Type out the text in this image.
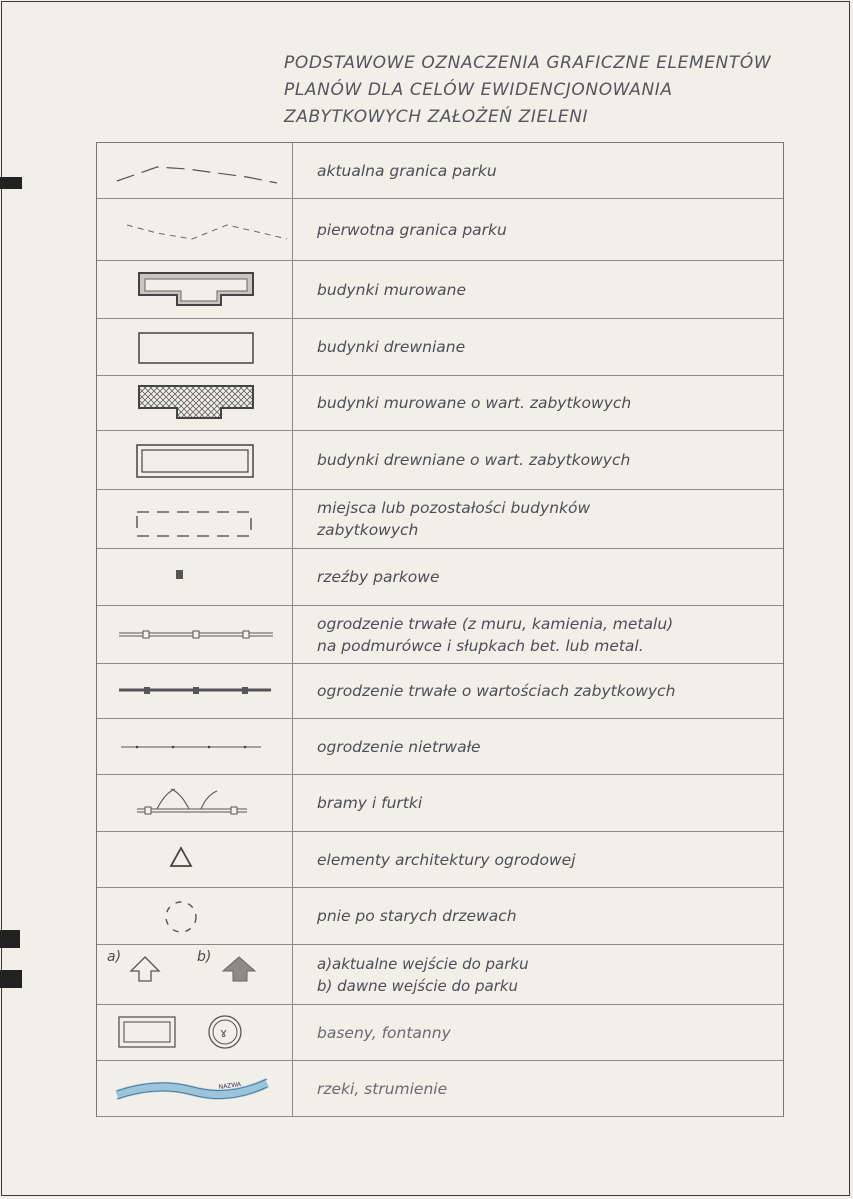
PODSTAWOWE OZNACZENIA GRAFICZNE ELEMENTÓW
PLANÓW DLA CELÓW EWIDENCJONOWANIA
ZABYTKOWYCH ZAŁOŻEŃ ZIELENI
aktualna granica parku
pierwotna granica parku
budynki murowane
budynki drewniane
budynki murowane o wart. zabytkowych
budynki drewniane o wart. zabytkowych
miejsca lub pozostałości budynków
zabytkowych
rzeźby parkowe
ogrodzenie trwałe (z muru, kamienia, metalu)
na podmurówce i słupkach bet. lub metal.
ogrodzenie trwałe o wartościach zabytkowych
ogrodzenie nietrwałe
bramy i furtki
elementy architektury ogrodowej
pnie po starych drzewach
a)	b)	a)aktualne wejście do parku
b) dawne wejście do parku
ɤ	baseny, fontanny
NAZWA	rzeki, strumienie
